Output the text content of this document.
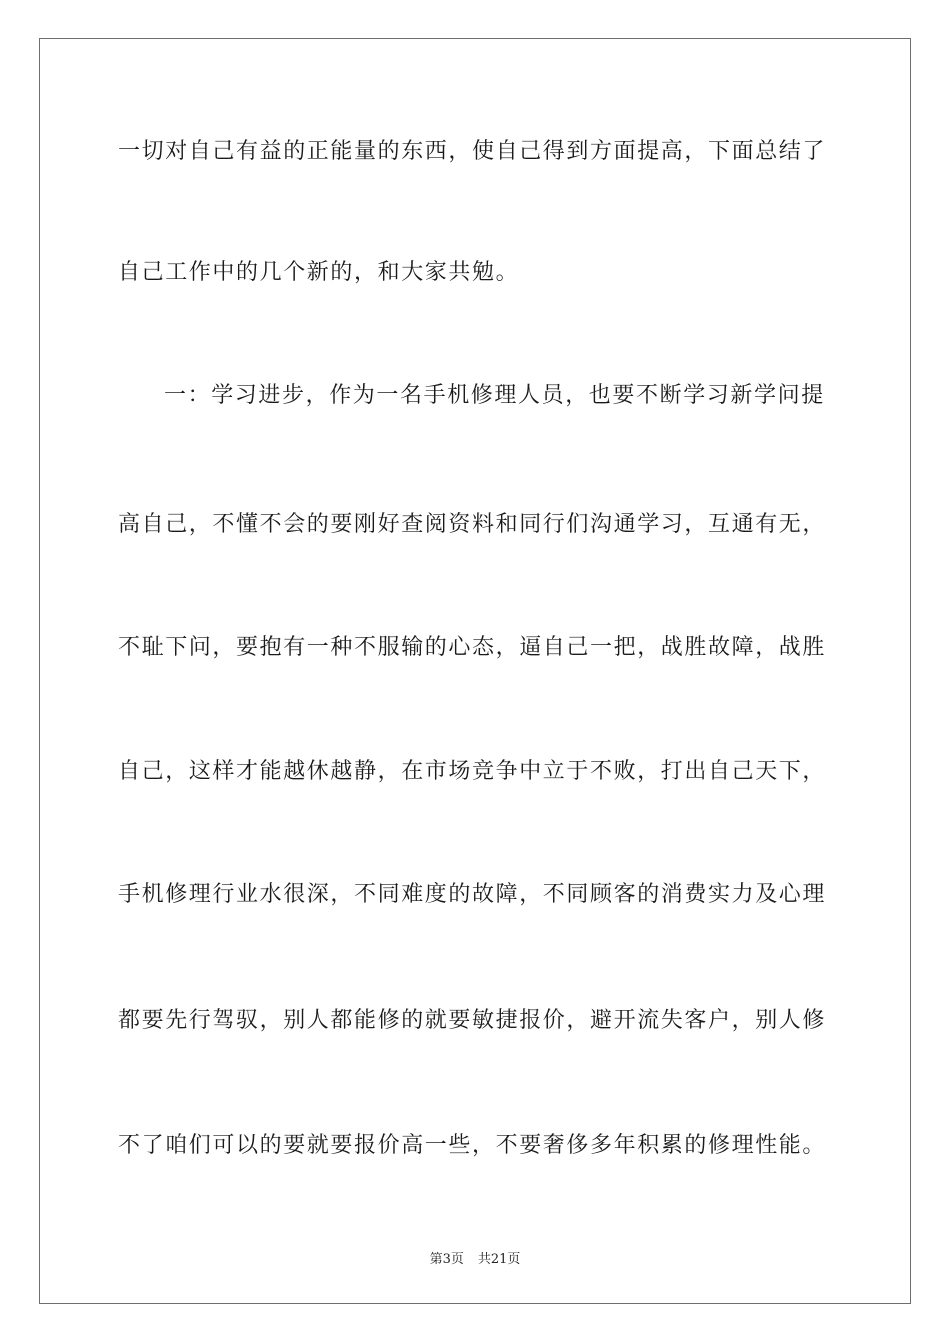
一切对自己有益的正能量的东西，使自己得到方面提高，下面总结了
自己工作中的几个新的，和大家共勉。
一：学习进步，作为一名手机修理人员，也要不断学习新学问提
高自己，不懂不会的要刚好查阅资料和同行们沟通学习，互通有无，
不耻下问，要抱有一种不服输的心态，逼自己一把，战胜故障，战胜
自己，这样才能越休越静，在市场竞争中立于不败，打出自己天下，
手机修理行业水很深，不同难度的故障，不同顾客的消费实力及心理
都要先行驾驭，别人都能修的就要敏捷报价，避开流失客户，别人修
不了咱们可以的要就要报价高一些，不要奢侈多年积累的修理性能。
第3页 共21页
